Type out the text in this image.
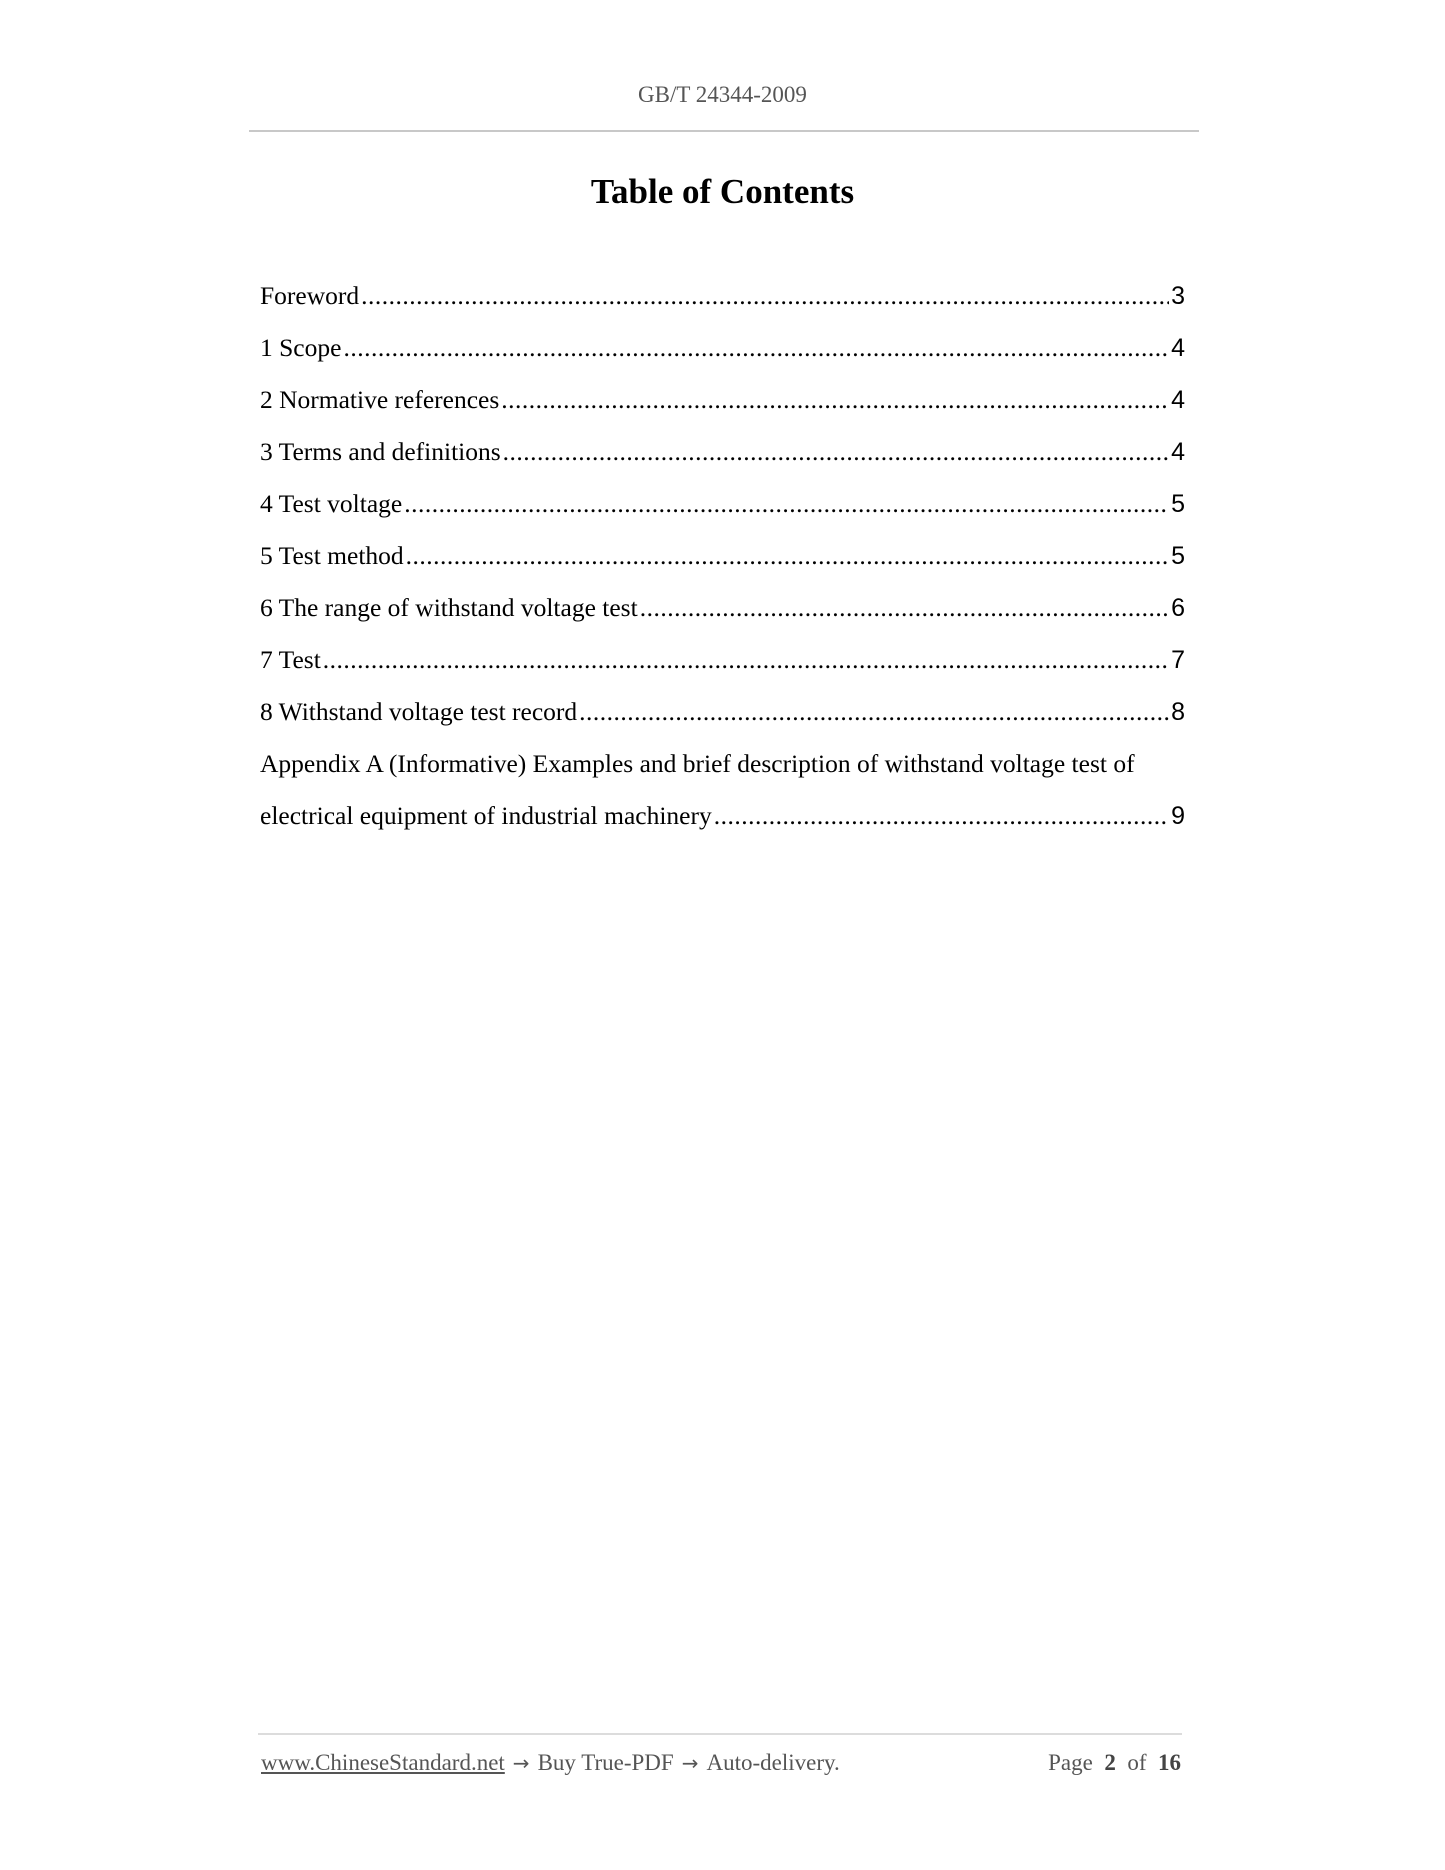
GB/T 24344-2009
Table of Contents
Foreword .....	3
1 Scope .....	4
2 Normative references .....	4
3 Terms and definitions .....	4
4 Test voltage .....	5
5 Test method .....	5
6 The range of withstand voltage test .....	6
7 Test .....	7
8 Withstand voltage test record .....	8
Appendix A (Informative) Examples and brief description of withstand voltage test of
electrical equipment of industrial machinery .....	9
www.ChineseStandard.net → Buy True-PDF → Auto-delivery.	Page 2 of 16
